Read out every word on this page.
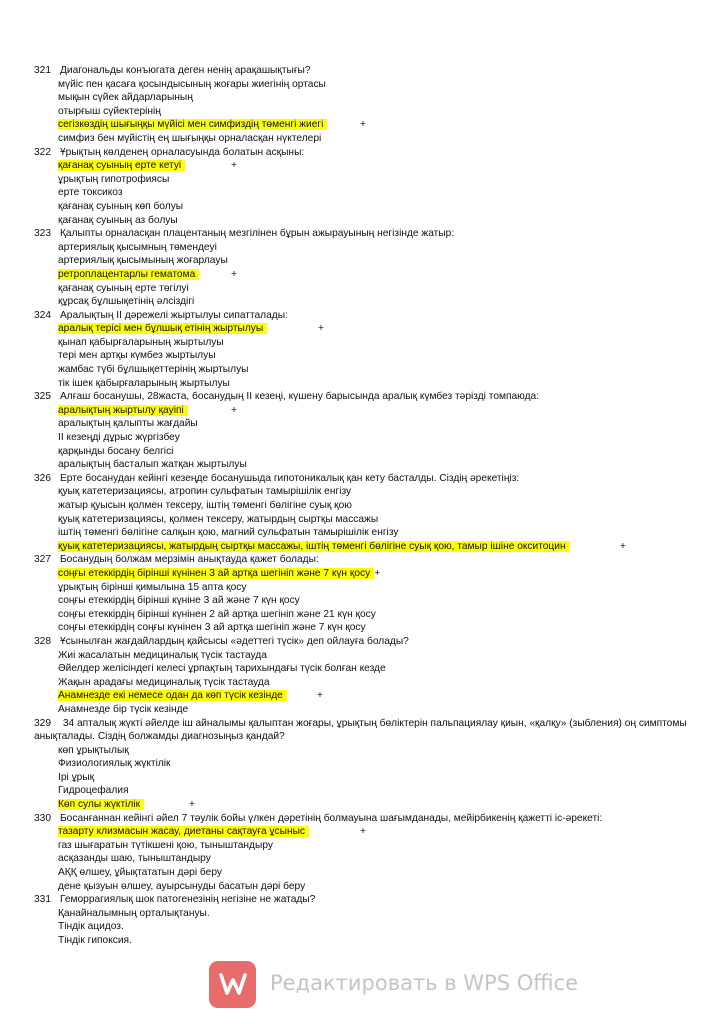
321 Диагональды конъюгата деген ненің арақашықтығы?
мүйіс пен қасаға қосындысының жоғары жиегінің ортасы
мықын сүйек айдарларының
отырғыш сүйектерінің
сегізкөздің шығыңқы мүйісі мен симфиздің төменгі жиегі	+
симфиз бен мүйістің ең шығыңқы орналасқан нүктелері
322 Ұрықтың көлденең орналасуында болатын асқыны:
қағанақ суының ерте кетуі	+
ұрықтың гипотрофиясы
ерте токсикоз
қағанақ суының көп болуы
қағанақ суының аз болуы
323 Қалыпты орналасқан плацентаның мезгілінен бұрын ажырауының негізінде жатыр:
артериялық қысымның төмендеуі
артериялық қысымының жоғарлауы
ретроплацентарлы гематома	+
қағанақ суының ерте төгілуі
құрсақ бұлшықетінің әлсіздігі
324 Аралықтың ІІ дәрежелі жыртылуы сипатталады:
аралық терісі мен бұлшық етінің жыртылуы	+
қынап қабырғаларының жыртылуы
тері мен артқы күмбез жыртылуы
жамбас түбі бұлшықеттерінің жыртылуы
тік ішек қабырғаларының жыртылуы
325 Алғаш босанушы, 28жаста, босанудың ІІ кезеңі, күшену барысында аралық күмбез тәрізді томпаюда:
аралықтың жыртылу қауіпі	+
аралықтың қалыпты жағдайы
ІІ кезеңді дұрыс жүргізбеу
қарқынды босану белгісі
аралықтың басталып жатқан жыртылуы
326 Ерте босанудан кейінгі кезеңде босанушыда гипотоникалық қан кету басталды. Сіздің әрекетіңіз:
қуық катетеризациясы, атропин сульфатын тамырішілік енгізу
жатыр қуысын қолмен тексеру, іштің төменгі бөлігіне суық қою
қуық катетеризациясы, қолмен тексеру, жатырдың сыртқы массажы
іштің төменгі бөлігіне салқын қою, магний сульфатын тамырішілік енгізу
қуық катетеризациясы, жатырдың сыртқы массажы, іштің төменгі бөлігіне суық қою, тамыр ішіне окситоцин	+
327 Босанудың болжам мерзімін анықтауда қажет болады:
соңғы етеккірдің бірінші күнінен 3 ай артқа шегініп және 7 күн қосу +
ұрықтың бірінші қимылына 15 апта қосу
соңғы етеккірдің бірінші күніне 3 ай және 7 күн қосу
соңғы етеккірдің бірінші күнінен 2 ай артқа шегініп және 21 күн қосу
соңғы етеккірдің соңғы күнінен 3 ай артқа шегініп және 7 күн қосу
328 Ұсынылған жағдайлардың қайсысы «әдеттегі түсік» деп ойлауға болады?
Жиі жасалатын медициналық түсік тастауда
Әйелдер желісіндегі келесі ұрпақтың тарихындағы түсік болған кезде
Жақын арадағы медициналық түсік тастауда
Анамнезде екі немесе одан да көп түсік кезінде	+
Анамнезде бір түсік кезінде
329 34 апталық жүкті әйелде іш айналымы қалыптан жоғары, ұрықтың бөліктерін пальпациялау қиын, «қалқу» (зыбления) оң симптомы анықталады. Сіздің болжамды диагнозыңыз қандай?
көп ұрықтылық
Физиологиялық жүктілік
Ірі ұрық
Гидроцефалия
Көп сулы жүктілік	+
330 Босанғаннан кейінгі әйел 7 тәулік бойы үлкен дәретінің болмауына шағымданады, мейірбикенің қажетті іс-әрекеті:
тазарту клизмасын жасау, диетаны сақтауға ұсыныс	+
газ шығаратын түтікшені қою, тыныштандыру
асқазанды шаю, тыныштандыру
АҚҚ өлшеу, ұйықтататын дәрі беру
дене қызуын өлшеу, ауырсынуды басатын дәрі беру
331 Геморрагиялық шок патогенезінің негізіне не жатады?
Қанайналымның орталықтануы.
Тіндік ацидоз.
Тіндік гипоксия.
Редактировать в WPS Office
